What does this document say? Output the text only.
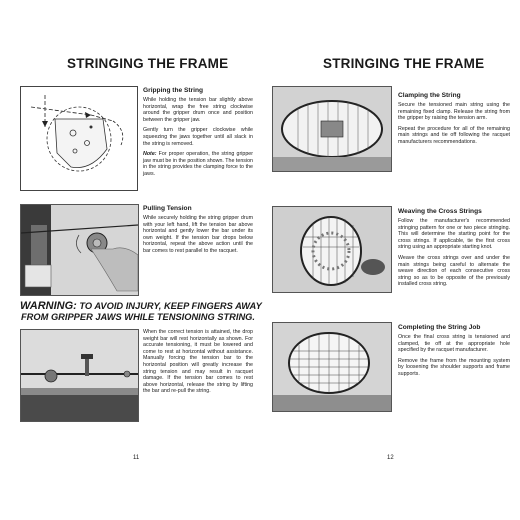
STRINGING THE FRAME
Gripping the String

While holding the tension bar slightly above horizontal, wrap the free string clockwise around the gripper drum once and position between the gripper jaw.

Gently turn the gripper clockwise while squeezing the jaws together until all slack in the string is removed.

Note: For proper operation, the string gripper jaw must be in the position shown. The tension in the string provides the clamping force to the jaws.

Pulling Tension

While securely holding the string gripper drum with your left hand, lift the tension bar above horizontal and gently lower the bar under its own weight. If the tension bar drops below horizontal, repeat the above action until the bar comes to rest parallel to the racquet.

WARNING: TO AVOID INJURY, KEEP FINGERS AWAY
FROM GRIPPER JAWS WHILE TENSIONING STRING.

When the correct tension is attained, the drop weight bar will rest horizontally as shown. For accurate tensioning, it must be lowered and come to rest at horizontal without assistance. Manually forcing the tension bar to the horizontal position will greatly increase the string tension and may result in racquet damage. If the tension bar comes to rest above horizontal, release the string by lifting the bar and re-pull the string.

11
STRINGING THE FRAME
Clamping the String

Secure the tensioned main string using the remaining fixed clamp. Release the string from the gripper by raising the tension arm.

Repeat the procedure for all of the remaining main strings and tie off following the racquet manufacturers recommendations.

Weaving the Cross Strings

Follow the manufacturer's recommended stringing pattern for one or two piece stringing. This will determine the starting point for the cross strings. If applicable, tie the first cross string using an appropriate starting knot.

Weave the cross strings over and under the main strings being careful to alternate the weave direction of each consecutive cross string so as to be opposite of the previously installed cross string.

Completing the String Job

Once the final cross string is tensioned and clamped, tie off at the appropriate hole specified by the racquet manufacturer.

Remove the frame from the mounting system by loosening the shoulder supports and frame supports.

12
